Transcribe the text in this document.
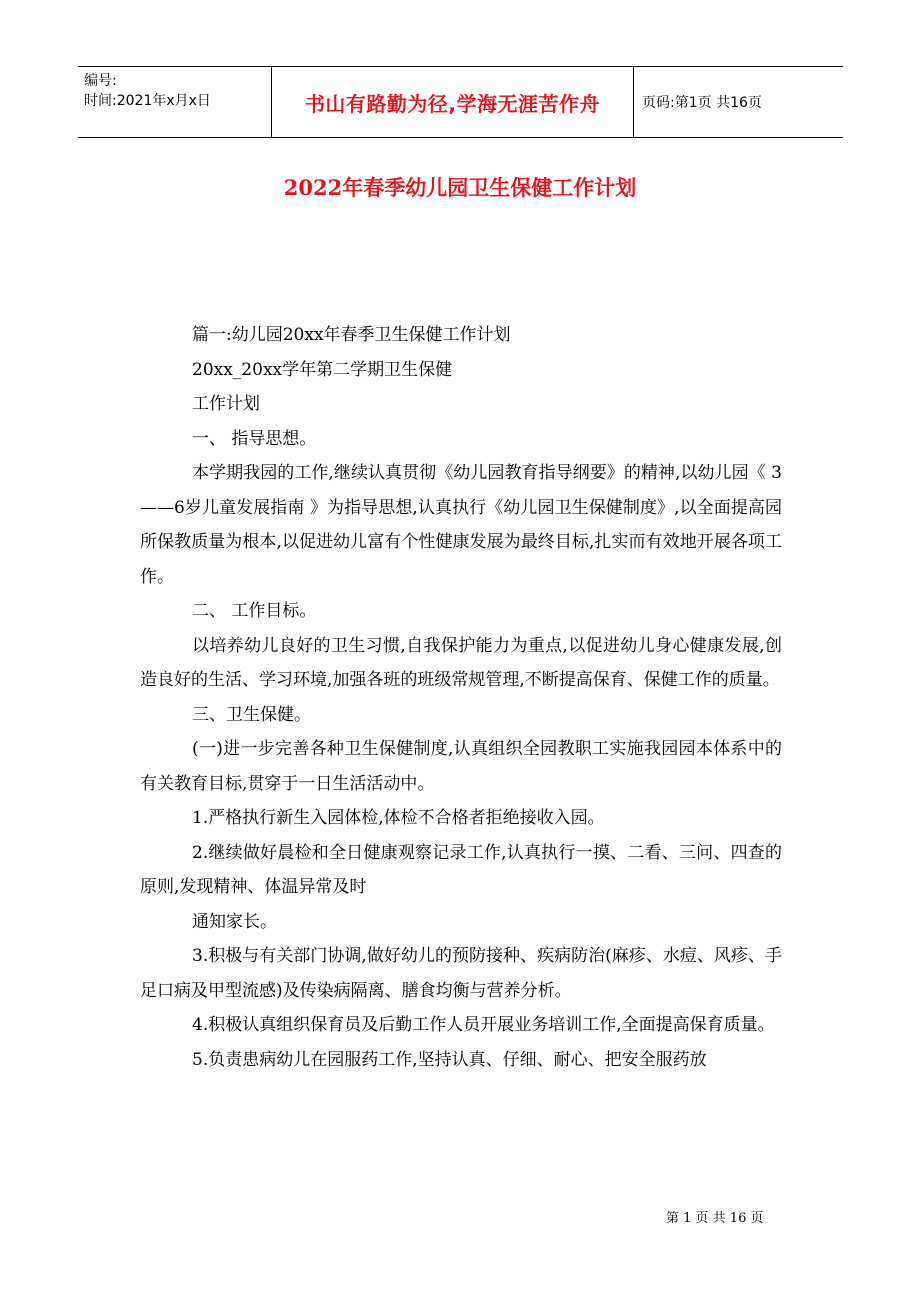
编号:
时间:2021年x月x日	书山有路勤为径,学海无涯苦作舟	页码:第1页 共16页
2022年春季幼儿园卫生保健工作计划

篇一:幼儿园20xx年春季卫生保健工作计划

20xx_20xx学年第二学期卫生保健

工作计划

一、 指导思想。

本学期我园的工作,继续认真贯彻《幼儿园教育指导纲要》的精神,以幼儿园《 3——6岁儿童发展指南 》为指导思想,认真执行《幼儿园卫生保健制度》,以全面提高园所保教质量为根本,以促进幼儿富有个性健康发展为最终目标,扎实而有效地开展各项工作。

二、 工作目标。

以培养幼儿良好的卫生习惯,自我保护能力为重点,以促进幼儿身心健康发展,创造良好的生活、学习环境,加强各班的班级常规管理,不断提高保育、保健工作的质量。

三、卫生保健。

(一)进一步完善各种卫生保健制度,认真组织全园教职工实施我园园本体系中的有关教育目标,贯穿于一日生活活动中。

1.严格执行新生入园体检,体检不合格者拒绝接收入园。

2.继续做好晨检和全日健康观察记录工作,认真执行一摸、二看、三问、四查的原则,发现精神、体温异常及时

通知家长。

3.积极与有关部门协调,做好幼儿的预防接种、疾病防治(麻疹、水痘、风疹、手足口病及甲型流感)及传染病隔离、膳食均衡与营养分析。

4.积极认真组织保育员及后勤工作人员开展业务培训工作,全面提高保育质量。

5.负责患病幼儿在园服药工作,坚持认真、仔细、耐心、把安全服药放

第 1 页 共 16 页
